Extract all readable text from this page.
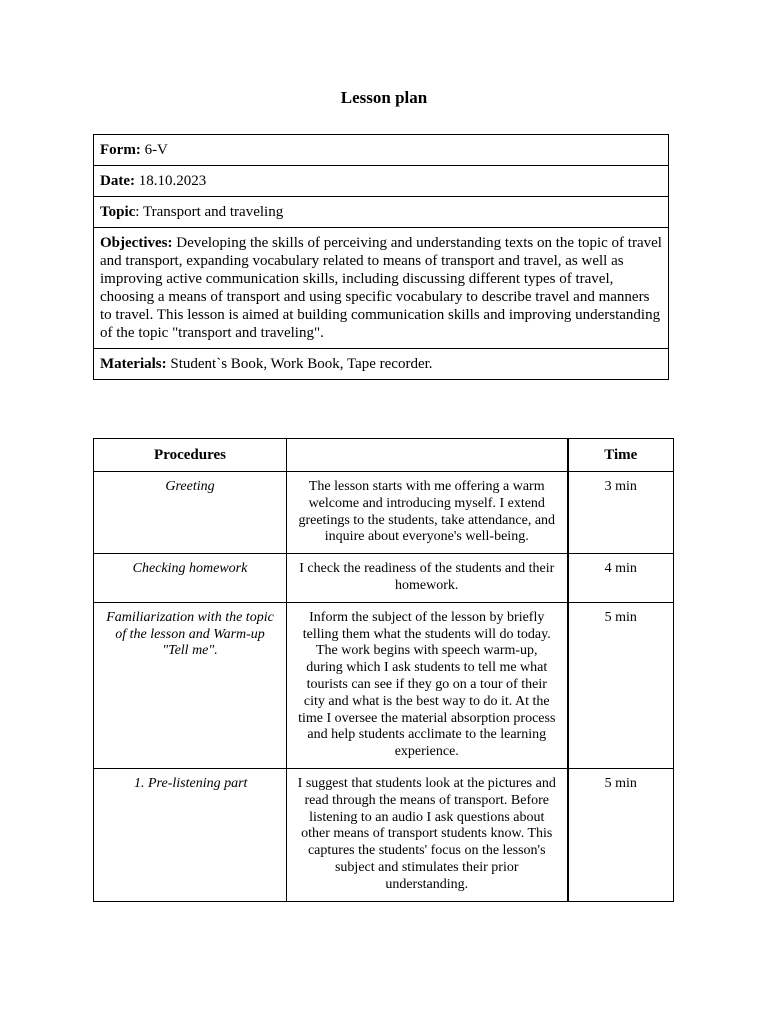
Lesson plan
Form: 6-V
Date: 18.10.2023
Topic: Transport and traveling
Objectives: Developing the skills of perceiving and understanding texts on the topic of travel and transport, expanding vocabulary related to means of transport and travel, as well as improving active communication skills, including discussing different types of travel, choosing a means of transport and using specific vocabulary to describe travel and manners to travel. This lesson is aimed at building communication skills and improving understanding of the topic "transport and traveling".
Materials: Student`s Book, Work Book, Tape recorder.
Procedures		Time
Greeting	The lesson starts with me offering a warm welcome and introducing myself. I extend greetings to the students, take attendance, and inquire about everyone's well-being.	3 min
Checking homework	I check the readiness of the students and their homework.	4 min
Familiarization with the topic of the lesson and Warm-up "Tell me".	Inform the subject of the lesson by briefly telling them what the students will do today. The work begins with speech warm-up, during which I ask students to tell me what tourists can see if they go on a tour of their city and what is the best way to do it. At the time I oversee the material absorption process and help students acclimate to the learning experience.	5 min
1. Pre-listening part	I suggest that students look at the pictures and read through the means of transport. Before listening to an audio I ask questions about other means of transport students know. This captures the students' focus on the lesson's subject and stimulates their prior understanding.	5 min
